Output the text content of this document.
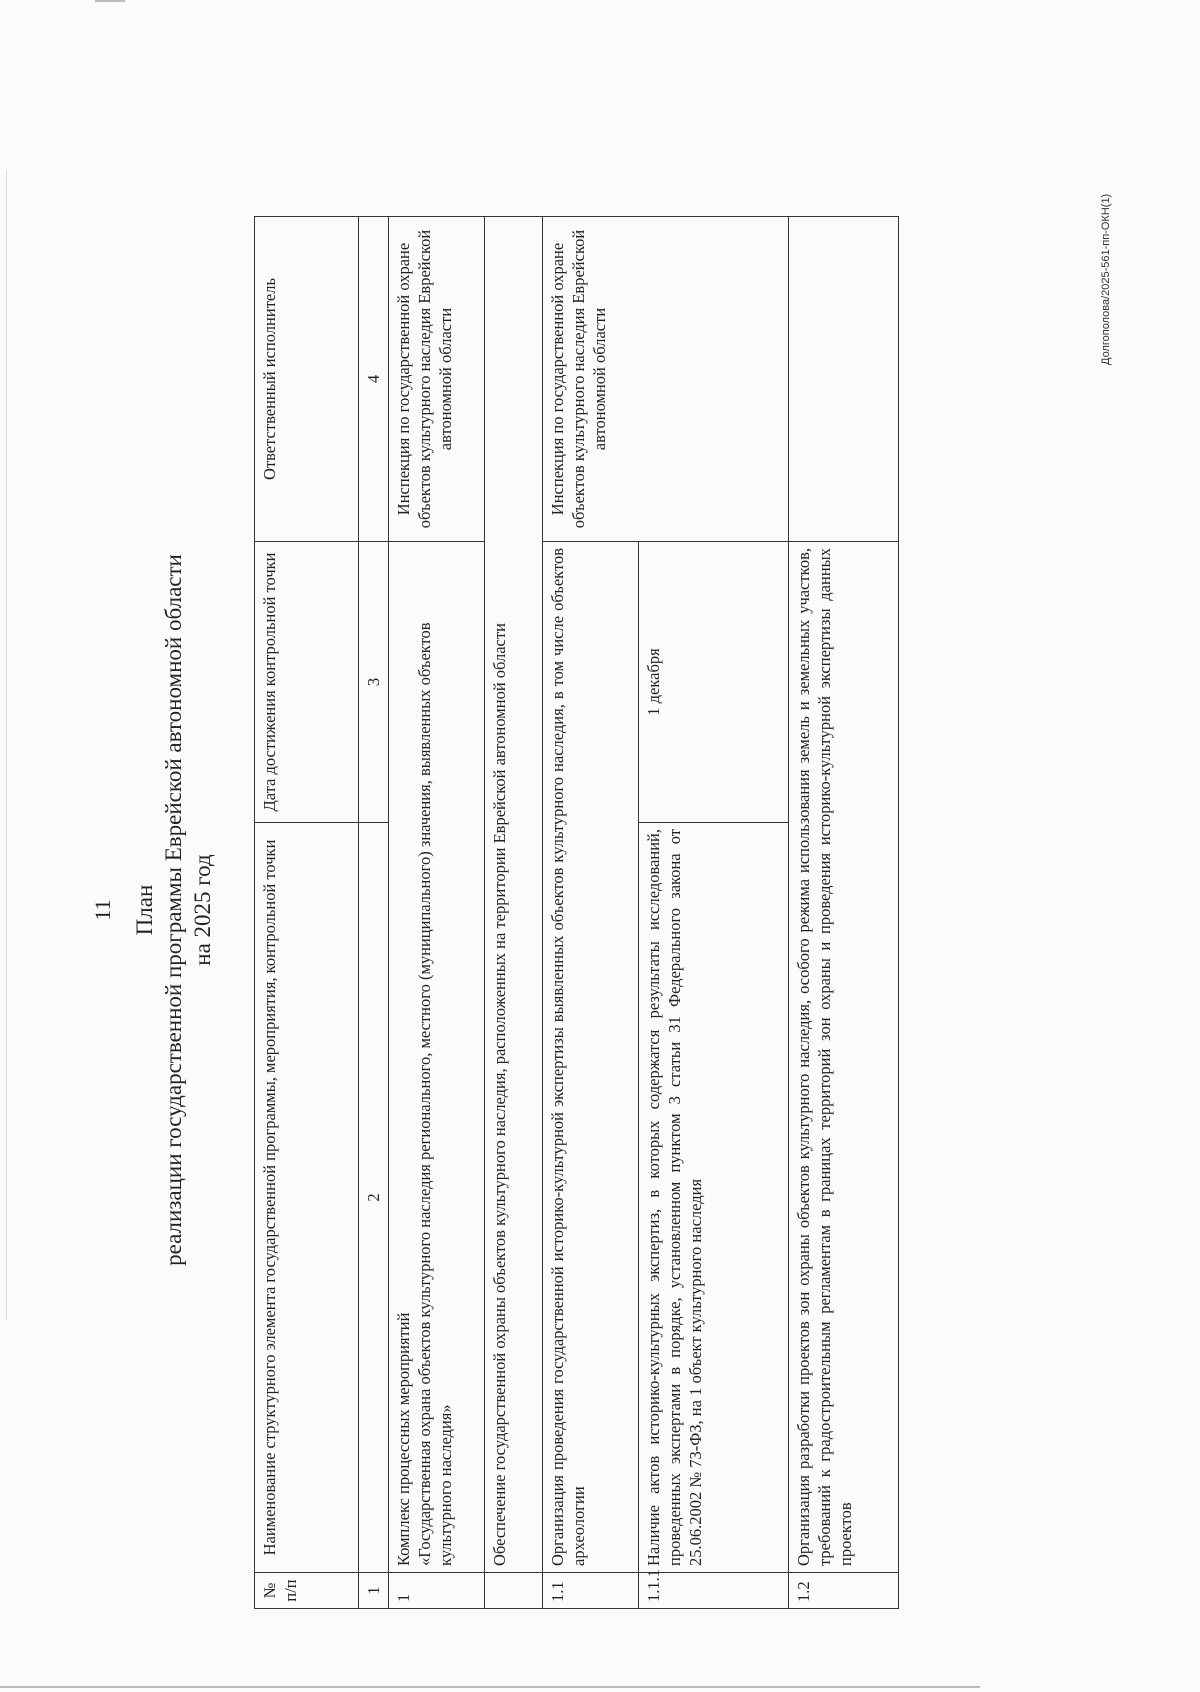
Долгополова/2025-561-пп-ОКН(1)
11 План реализации государственной программы Еврейской автономной области на 2025 год
№ п/п	Наименование структурного элемента государственной программы, мероприятия, контрольной точки	Дата достижения контрольной точки	Ответственный исполнитель
1	2	3	4
1	Комплекс процессных мероприятий «Государственная охрана объектов культурного наследия регионального, местного (муниципального) значения, выявленных объектов культурного наследия»		Инспекция по государственной охране объектов культурного наследия Еврейской автономной области
	Обеспечение государственной охраны объектов культурного наследия, расположенных на территории Еврейской автономной области		
1.1	Организация проведения государственной историко-культурной экспертизы выявленных объектов культурного наследия, в том числе объектов археологии		Инспекция по государственной охране объектов культурного наследия Еврейской автономной области
1.1.1	Наличие актов историко-культурных экспертиз, в которых содержатся результаты исследований, проведенных экспертами в порядке, установленном пунктом 3 статьи 31 Федерального закона от 25.06.2002 № 73-ФЗ, на 1 объект культурного наследия	1 декабря	
1.2	Организация разработки проектов зон охраны объектов культурного наследия, особого режима использования земель и земельных участков, требований к градостроительным регламентам в границах территорий зон охраны и проведения историко-культурной экспертизы данных проектов		
